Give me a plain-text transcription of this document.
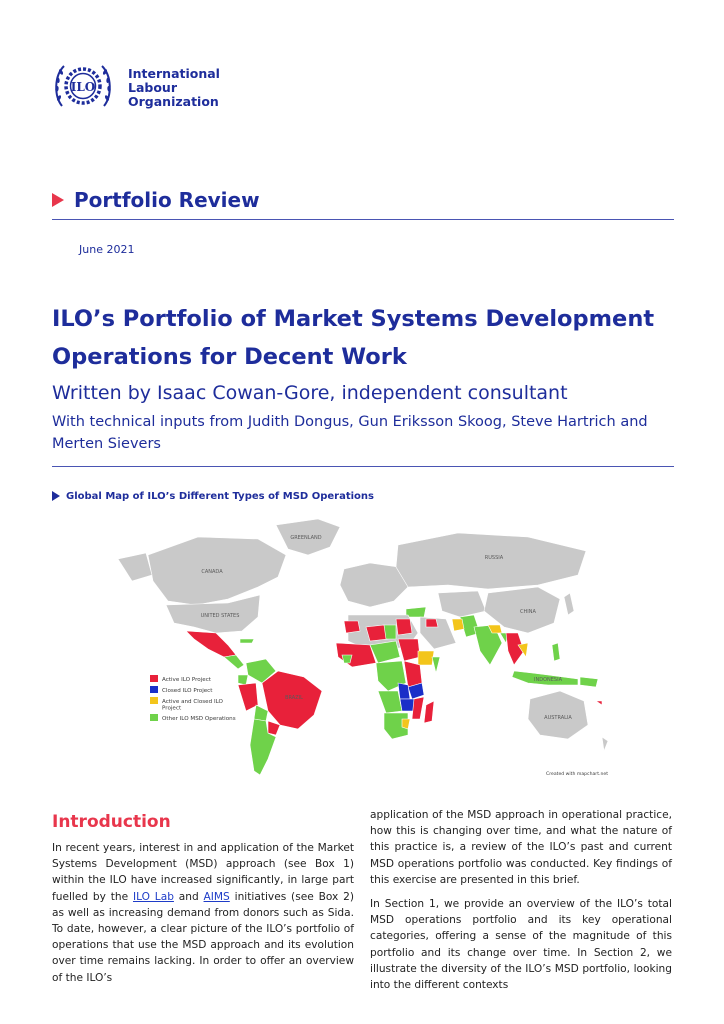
ILO
International
Labour
Organization
Portfolio Review
June 2021
ILO’s Portfolio of Market Systems Development Operations for Decent Work
Written by Isaac Cowan-Gore, independent consultant
With technical inputs from Judith Dongus, Gun Eriksson Skoog, Steve Hartrich and Merten Sievers
Global Map of ILO’s Different Types of MSD Operations
GREENLAND
CANADA
UNITED STATES
BRAZIL
RUSSIA
CHINA
INDONESIA
AUSTRALIA
Active ILO Project
Closed ILO Project
Active and Closed ILO Project
Other ILO MSD Operations
Created with mapchart.net
Introduction

In recent years, interest in and application of the Market Systems Development (MSD) approach (see Box 1) within the ILO have increased significantly, in large part fuelled by the ILO Lab and AIMS initiatives (see Box 2) as well as increasing demand from donors such as Sida. To date, however, a clear picture of the ILO’s portfolio of operations that use the MSD approach and its evolution over time remains lacking. In order to offer an overview of the ILO’s

application of the MSD approach in operational practice, how this is changing over time, and what the nature of this practice is, a review of the ILO’s past and current MSD operations portfolio was conducted. Key findings of this exercise are presented in this brief.

In Section 1, we provide an overview of the ILO’s total MSD operations portfolio and its key operational categories, offering a sense of the magnitude of this portfolio and its change over time. In Section 2, we illustrate the diversity of the ILO’s MSD portfolio, looking into the different contexts
